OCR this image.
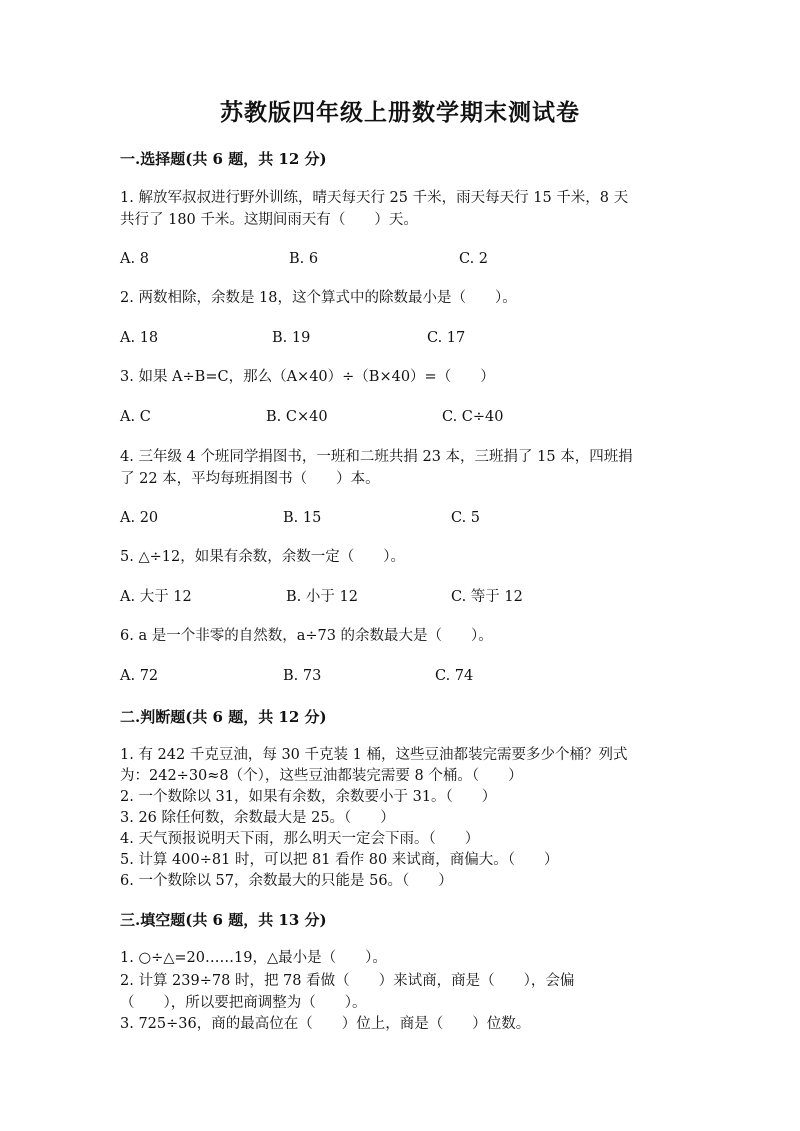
苏教版四年级上册数学期末测试卷
一.选择题(共 6 题，共 12 分)
1. 解放军叔叔进行野外训练，晴天每天行 25 千米，雨天每天行 15 千米，8 天
共行了 180 千米。这期间雨天有（　　）天。
A. 8	B. 6	C. 2
2. 两数相除，余数是 18，这个算式中的除数最小是（　　）。
A. 18	B. 19	C. 17
3. 如果 A÷B=C，那么（A×40）÷（B×40）=（　　）
A. C	B. C×40	C. C÷40
4. 三年级 4 个班同学捐图书，一班和二班共捐 23 本，三班捐了 15 本，四班捐
了 22 本，平均每班捐图书（　　）本。
A. 20	B. 15	C. 5
5. △÷12，如果有余数，余数一定（　　）。
A. 大于 12	B. 小于 12	C. 等于 12
6. a 是一个非零的自然数，a÷73 的余数最大是（　　）。
A. 72	B. 73	C. 74
二.判断题(共 6 题，共 12 分)
1. 有 242 千克豆油，每 30 千克装 1 桶，这些豆油都装完需要多少个桶？列式
为：242÷30≈8（个），这些豆油都装完需要 8 个桶。（　　）
2. 一个数除以 31，如果有余数，余数要小于 31。（　　）
3. 26 除任何数，余数最大是 25。（　　）
4. 天气预报说明天下雨，那么明天一定会下雨。（　　）
5. 计算 400÷81 时，可以把 81 看作 80 来试商，商偏大。（　　）
6. 一个数除以 57，余数最大的只能是 56。（　　）
三.填空题(共 6 题，共 13 分)
1. ○÷△=20……19，△最小是（　　）。
2. 计算 239÷78 时，把 78 看做（　　）来试商，商是（　　），会偏
（　　），所以要把商调整为（　　）。
3. 725÷36，商的最高位在（　　）位上，商是（　　）位数。
